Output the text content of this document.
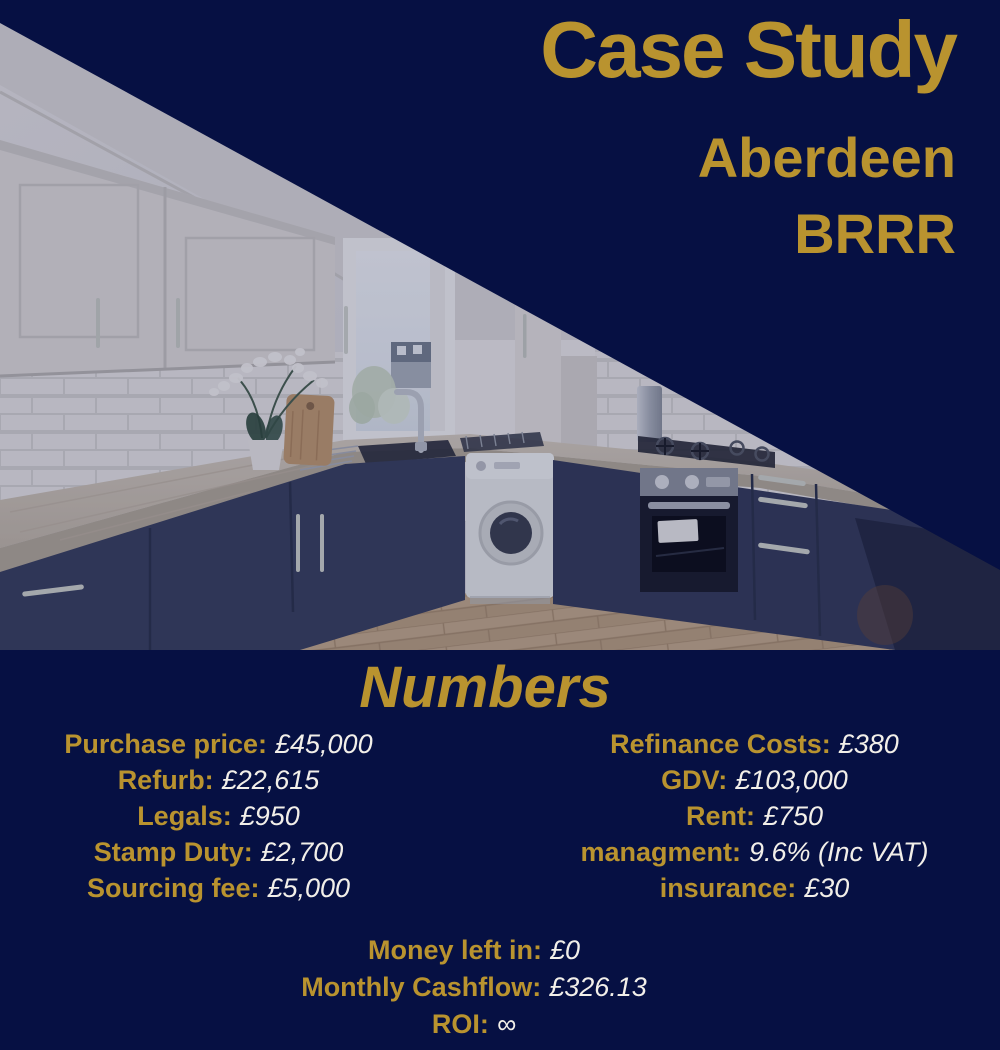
Case Study
Aberdeen
BRRR
Numbers
Purchase price: £45,000
Refurb: £22,615
Legals: £950
Stamp Duty: £2,700
Sourcing fee: £5,000
Refinance Costs: £380
GDV: £103,000
Rent: £750
managment: 9.6% (Inc VAT)
insurance: £30
Money left in: £0
Monthly Cashflow: £326.13
ROI: ∞
